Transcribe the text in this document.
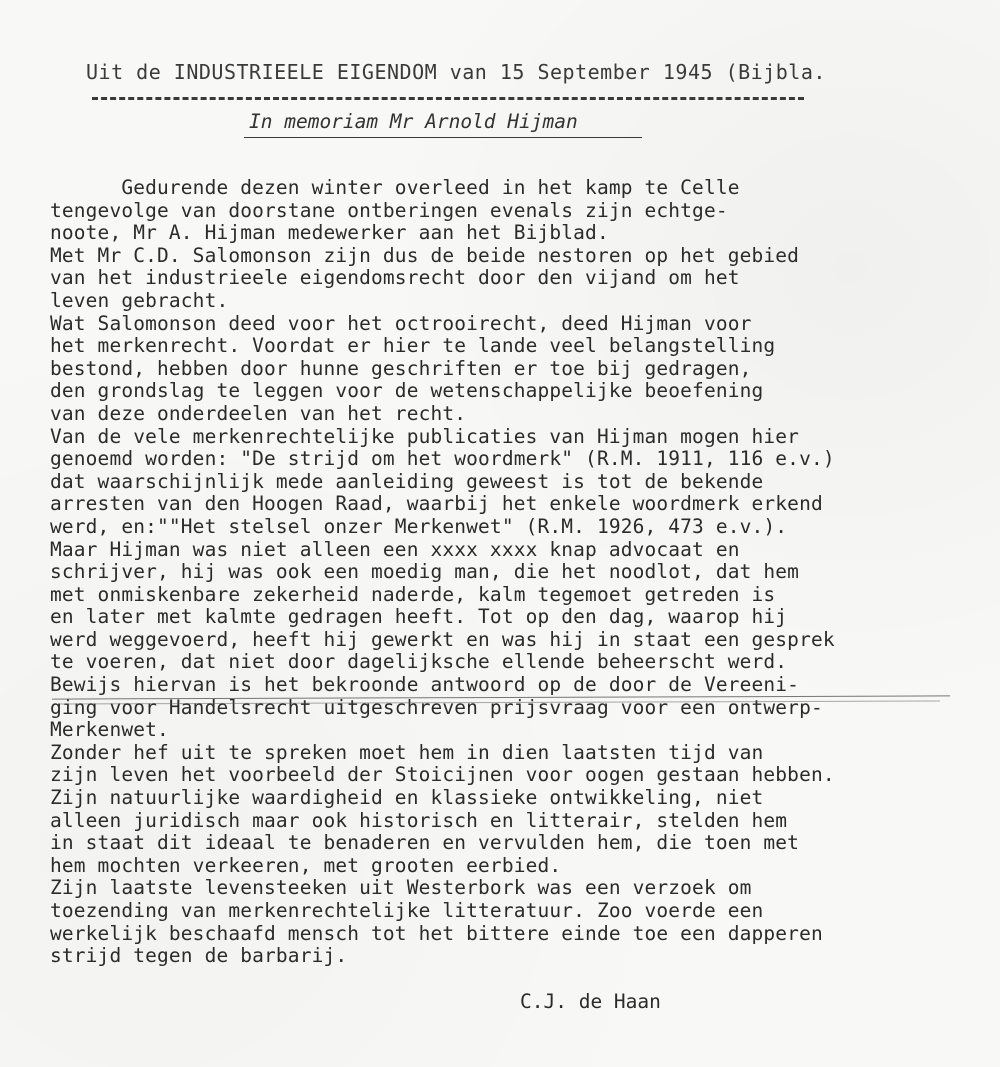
Uit de INDUSTRIEELE EIGENDOM van 15 September 1945 (Bijbla.
In memoriam Mr Arnold Hijman
Gedurende dezen winter overleed in het kamp te Celle
tengevolge van doorstane ontberingen evenals zijn echtge-
noote, Mr A. Hijman medewerker aan het Bijblad.
Met Mr C.D. Salomonson zijn dus de beide nestoren op het gebied
van het industrieele eigendomsrecht door den vijand om het
leven gebracht.
Wat Salomonson deed voor het octrooirecht, deed Hijman voor
het merkenrecht. Voordat er hier te lande veel belangstelling
bestond, hebben door hunne geschriften er toe bij gedragen,
den grondslag te leggen voor de wetenschappelijke beoefening
van deze onderdeelen van het recht.
Van de vele merkenrechtelijke publicaties van Hijman mogen hier
genoemd worden: "De strijd om het woordmerk" (R.M. 1911, 116 e.v.)
dat waarschijnlijk mede aanleiding geweest is tot de bekende
arresten van den Hoogen Raad, waarbij het enkele woordmerk erkend
werd, en:""Het stelsel onzer Merkenwet" (R.M. 1926, 473 e.v.).
Maar Hijman was niet alleen een xxxx xxxx knap advocaat en
schrijver, hij was ook een moedig man, die het noodlot, dat hem
met onmiskenbare zekerheid naderde, kalm tegemoet getreden is
en later met kalmte gedragen heeft. Tot op den dag, waarop hij
werd weggevoerd, heeft hij gewerkt en was hij in staat een gesprek
te voeren, dat niet door dagelijksche ellende beheerscht werd.
Bewijs hiervan is het bekroonde antwoord op de door de Vereeni-
ging voor Handelsrecht uitgeschreven prijsvraag voor een ontwerp-
Merkenwet.
Zonder hef uit te spreken moet hem in dien laatsten tijd van
zijn leven het voorbeeld der Stoicijnen voor oogen gestaan hebben.
Zijn natuurlijke waardigheid en klassieke ontwikkeling, niet
alleen juridisch maar ook historisch en litterair, stelden hem
in staat dit ideaal te benaderen en vervulden hem, die toen met
hem mochten verkeeren, met grooten eerbied.
Zijn laatste levensteeken uit Westerbork was een verzoek om
toezending van merkenrechtelijke litteratuur. Zoo voerde een
werkelijk beschaafd mensch tot het bittere einde toe een dapperen
strijd tegen de barbarij.
C.J. de Haan
